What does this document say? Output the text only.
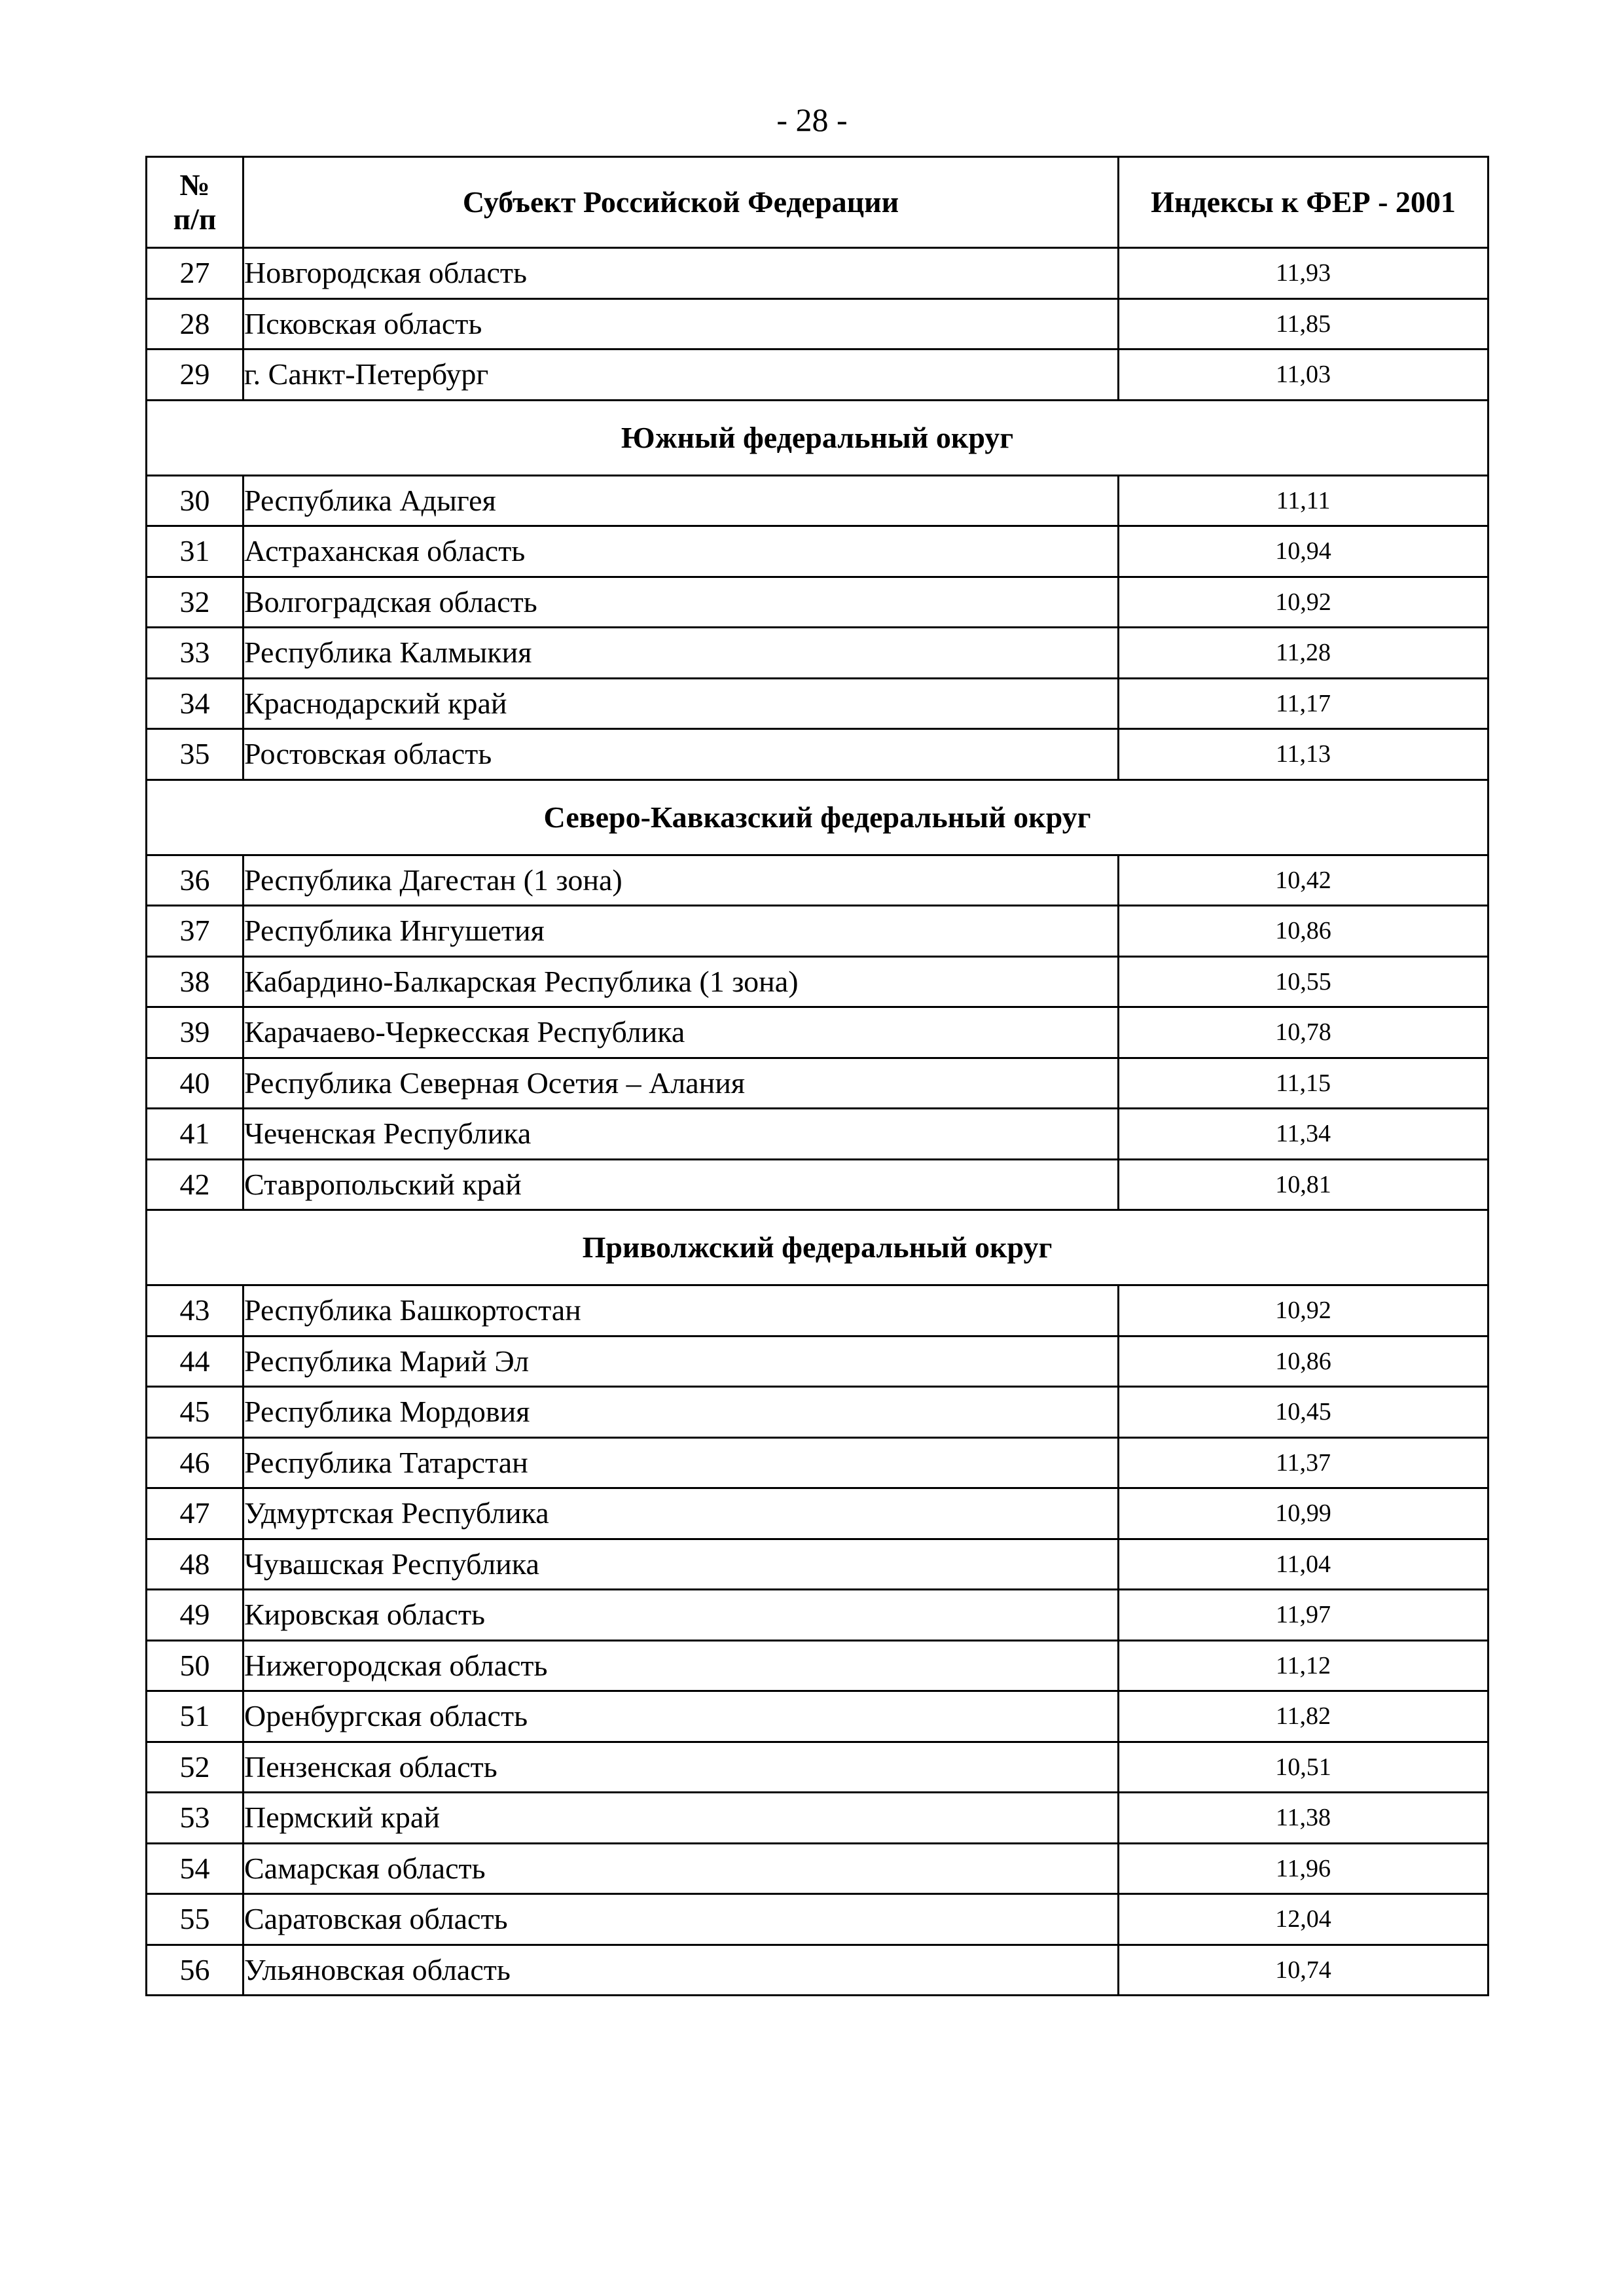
- 28 -
№
п/п	Субъект Российской Федерации	Индексы к ФЕР - 2001
27	Новгородская область	11,93
28	Псковская область	11,85
29	г. Санкт-Петербург	11,03
Южный федеральный округ		
30	Республика Адыгея	11,11
31	Астраханская область	10,94
32	Волгоградская область	10,92
33	Республика Калмыкия	11,28
34	Краснодарский край	11,17
35	Ростовская область	11,13
Северо-Кавказский федеральный округ		
36	Республика Дагестан (1 зона)	10,42
37	Республика Ингушетия	10,86
38	Кабардино-Балкарская Республика (1 зона)	10,55
39	Карачаево-Черкесская Республика	10,78
40	Республика Северная Осетия – Алания	11,15
41	Чеченская Республика	11,34
42	Ставропольский край	10,81
Приволжский федеральный округ		
43	Республика Башкортостан	10,92
44	Республика Марий Эл	10,86
45	Республика Мордовия	10,45
46	Республика Татарстан	11,37
47	Удмуртская Республика	10,99
48	Чувашская Республика	11,04
49	Кировская область	11,97
50	Нижегородская область	11,12
51	Оренбургская область	11,82
52	Пензенская область	10,51
53	Пермский край	11,38
54	Самарская область	11,96
55	Саратовская область	12,04
56	Ульяновская область	10,74
